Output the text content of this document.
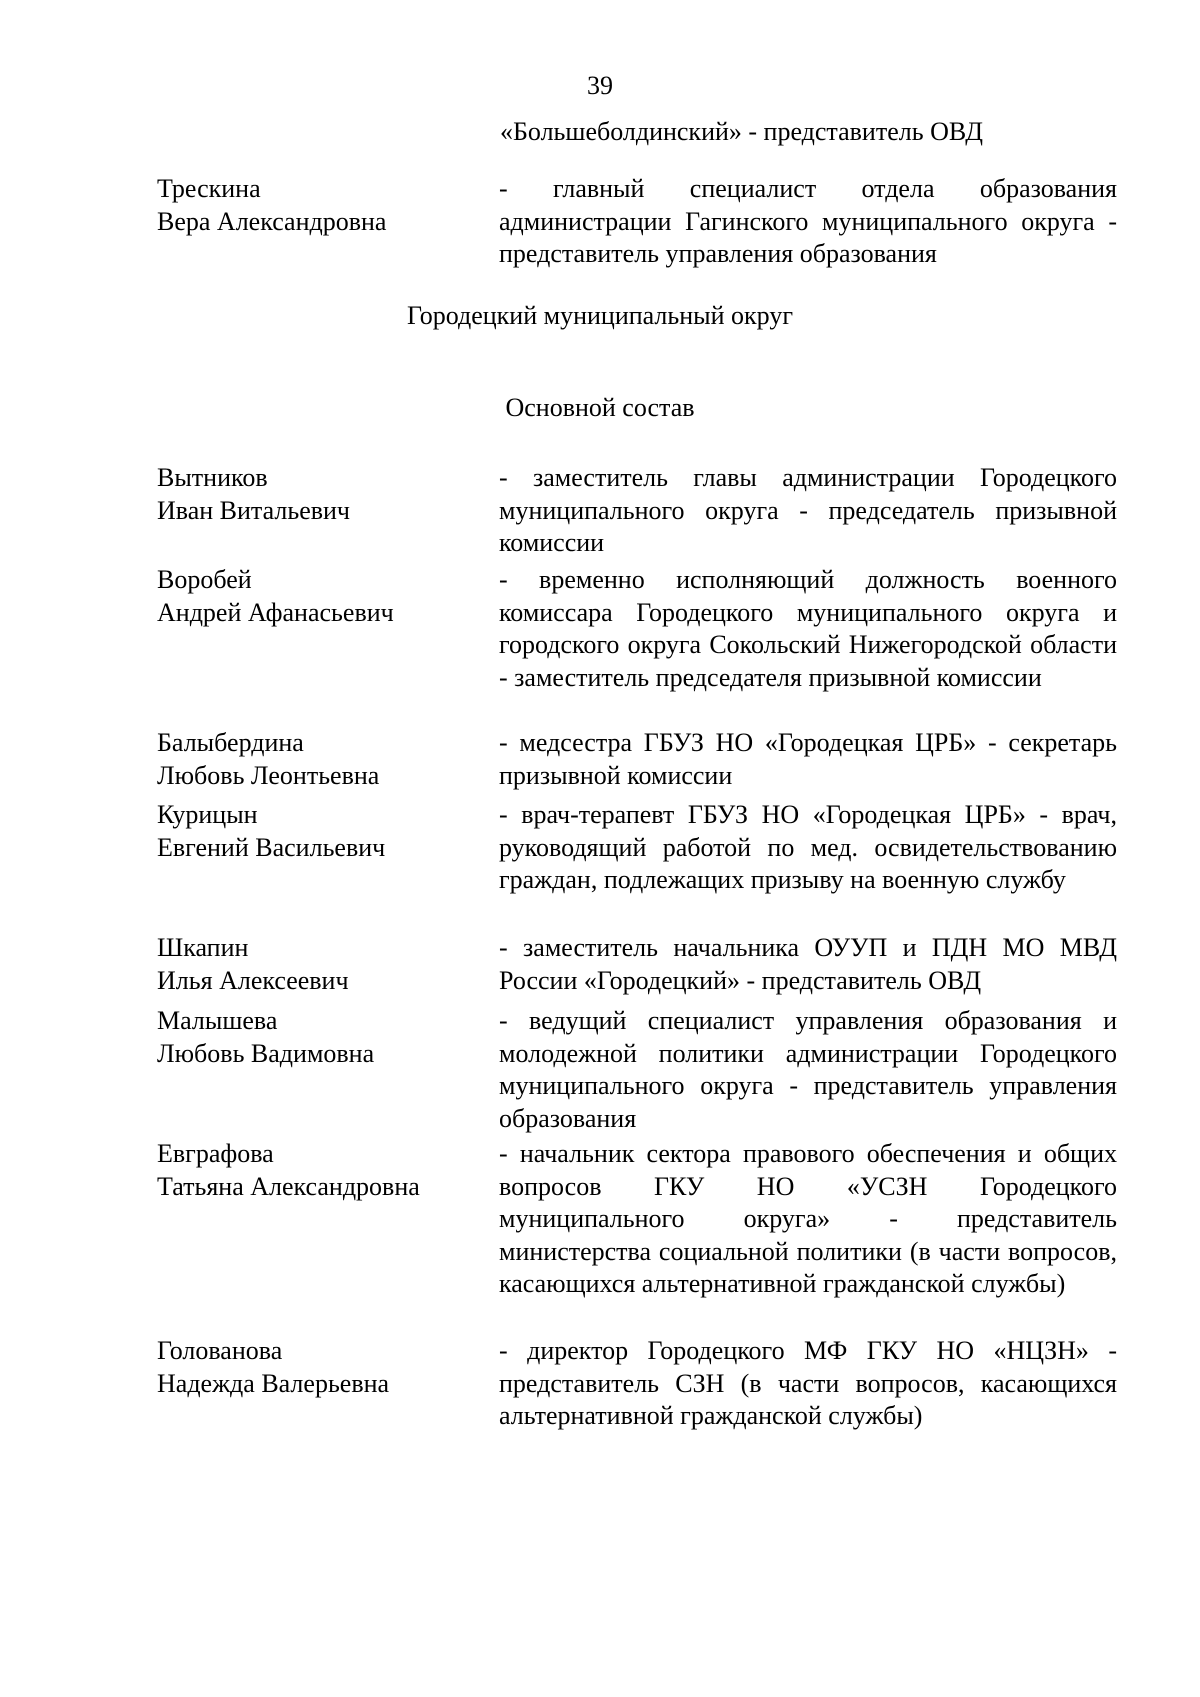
39
«Большеболдинский» - представитель ОВД
Трескина
Вера Александровна
- главный специалист отдела образования администрации Гагинского муниципального округа - представитель управления образования
Городецкий муниципальный округ
Основной состав
Вытников
Иван Витальевич
- заместитель главы администрации Городецкого муниципального округа - председатель призывной комиссии
Воробей
Андрей Афанасьевич
- временно исполняющий должность военного комиссара Городецкого муниципального округа и городского округа Сокольский Нижегородской области - заместитель председателя призывной комиссии
Балыбердина
Любовь Леонтьевна
- медсестра ГБУЗ НО «Городецкая ЦРБ» - секретарь призывной комиссии
Курицын
Евгений Васильевич
- врач-терапевт ГБУЗ НО «Городецкая ЦРБ» - врач, руководящий работой по мед. освидетельствованию граждан, подлежащих призыву на военную службу
Шкапин
Илья Алексеевич
- заместитель начальника ОУУП и ПДН МО МВД России «Городецкий» - представитель ОВД
Малышева
Любовь Вадимовна
- ведущий специалист управления образования и молодежной политики администрации Городецкого муниципального округа - представитель управления образования
Евграфова
Татьяна Александровна
- начальник сектора правового обеспечения и общих вопросов ГКУ НО «УСЗН Городецкого муниципального округа» - представитель министерства социальной политики (в части вопросов, касающихся альтернативной гражданской службы)
Голованова
Надежда Валерьевна
- директор Городецкого МФ ГКУ НО «НЦЗН» - представитель СЗН (в части вопросов, касающихся альтернативной гражданской службы)
